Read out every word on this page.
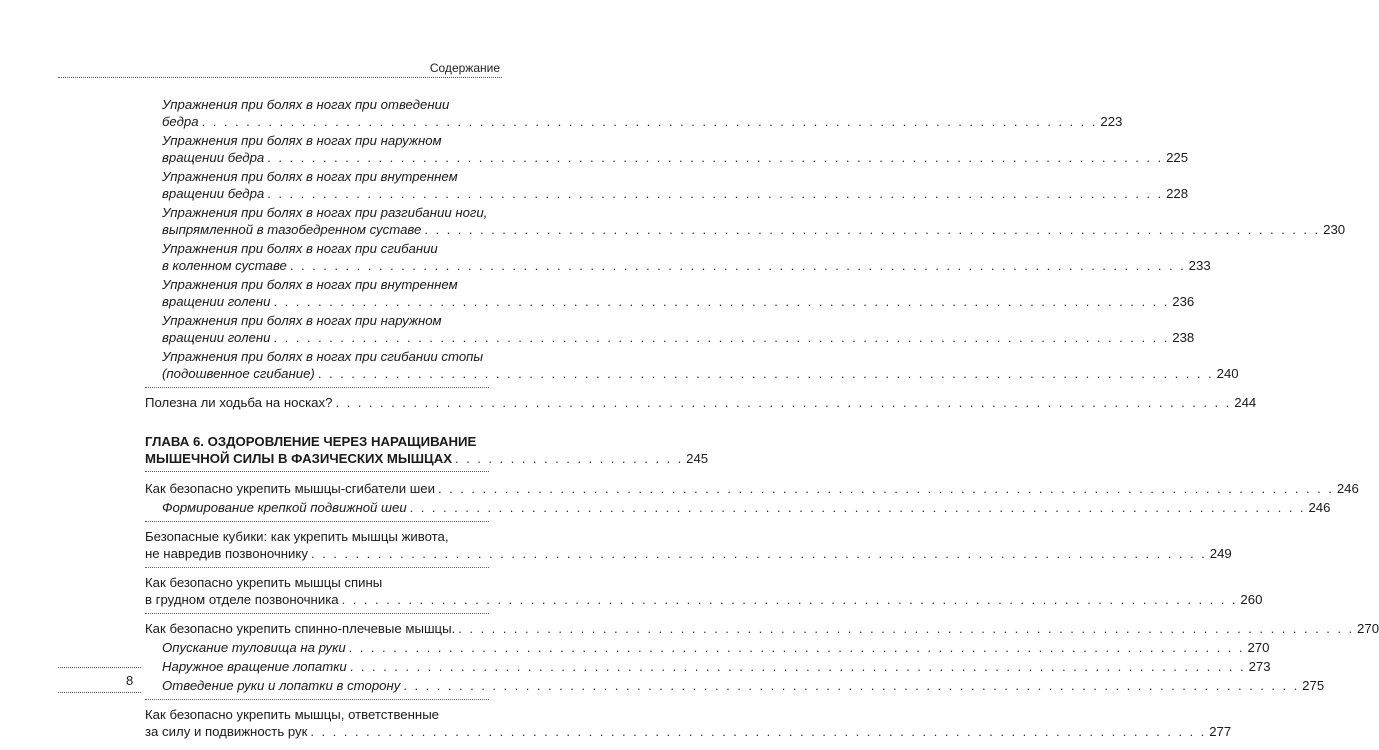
Содержание
Упражнения при болях в ногах при отведении
бедра . . .	223
Упражнения при болях в ногах при наружном
вращении бедра . . .	225
Упражнения при болях в ногах при внутреннем
вращении бедра . . .	228
Упражнения при болях в ногах при разгибании ноги,
выпрямленной в тазобедренном суставе . . .	230
Упражнения при болях в ногах при сгибании
в коленном суставе . . .	233
Упражнения при болях в ногах при внутреннем
вращении голени . . .	236
Упражнения при болях в ногах при наружном
вращении голени . . .	238
Упражнения при болях в ногах при сгибании стопы
(подошвенное сгибание) . . .	240
Полезна ли ходьба на носках? . . .	244
ГЛАВА 6. ОЗДОРОВЛЕНИЕ ЧЕРЕЗ НАРАЩИВАНИЕ
МЫШЕЧНОЙ СИЛЫ В ФАЗИЧЕСКИХ МЫШЦАХ . . . . . . . . . . . . . . . . . . . . . 245
Как безопасно укрепить мышцы-сгибатели шеи . . .	246
Формирование крепкой подвижной шеи . . .	246
Безопасные кубики: как укрепить мышцы живота,
не навредив позвоночнику . . .	249
Как безопасно укрепить мышцы спины
в грудном отделе позвоночника . . .	260
Как безопасно укрепить спинно-плечевые мышцы. . . .	270
Опускание туловища на руки . . .	270
Наружное вращение лопатки . . .	273
Отведение руки и лопатки в сторону . . .	275
Как безопасно укрепить мышцы, ответственные
за силу и подвижность рук . . .	277
8
